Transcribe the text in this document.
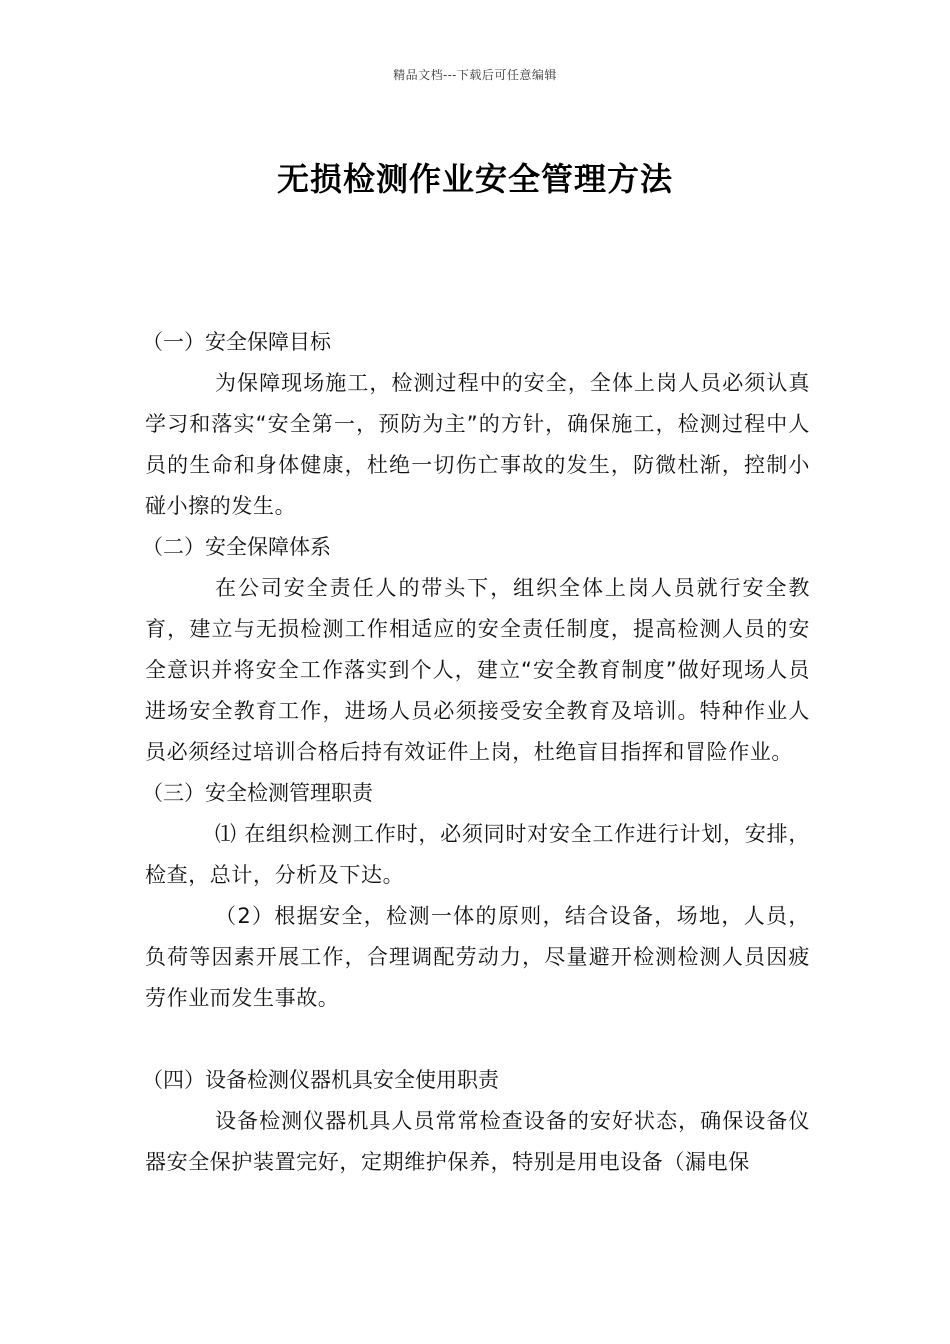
精品文档---下载后可任意编辑
无损检测作业安全管理方法

（一）安全保障目标

为保障现场施工，检测过程中的安全，全体上岗人员必须认真学习和落实“安全第一，预防为主”的方针，确保施工，检测过程中人员的生命和身体健康，杜绝一切伤亡事故的发生，防微杜渐，控制小碰小擦的发生。

（二）安全保障体系

在公司安全责任人的带头下，组织全体上岗人员就行安全教育，建立与无损检测工作相适应的安全责任制度，提高检测人员的安全意识并将安全工作落实到个人，建立“安全教育制度”做好现场人员进场安全教育工作，进场人员必须接受安全教育及培训。特种作业人员必须经过培训合格后持有效证件上岗，杜绝盲目指挥和冒险作业。

（三）安全检测管理职责

⑴ 在组织检测工作时，必须同时对安全工作进行计划，安排，检查，总计，分析及下达。

（2）根据安全，检测一体的原则，结合设备，场地，人员，负荷等因素开展工作，合理调配劳动力，尽量避开检测检测人员因疲劳作业而发生事故。

（四）设备检测仪器机具安全使用职责

设备检测仪器机具人员常常检查设备的安好状态，确保设备仪器安全保护装置完好，定期维护保养，特别是用电设备（漏电保
